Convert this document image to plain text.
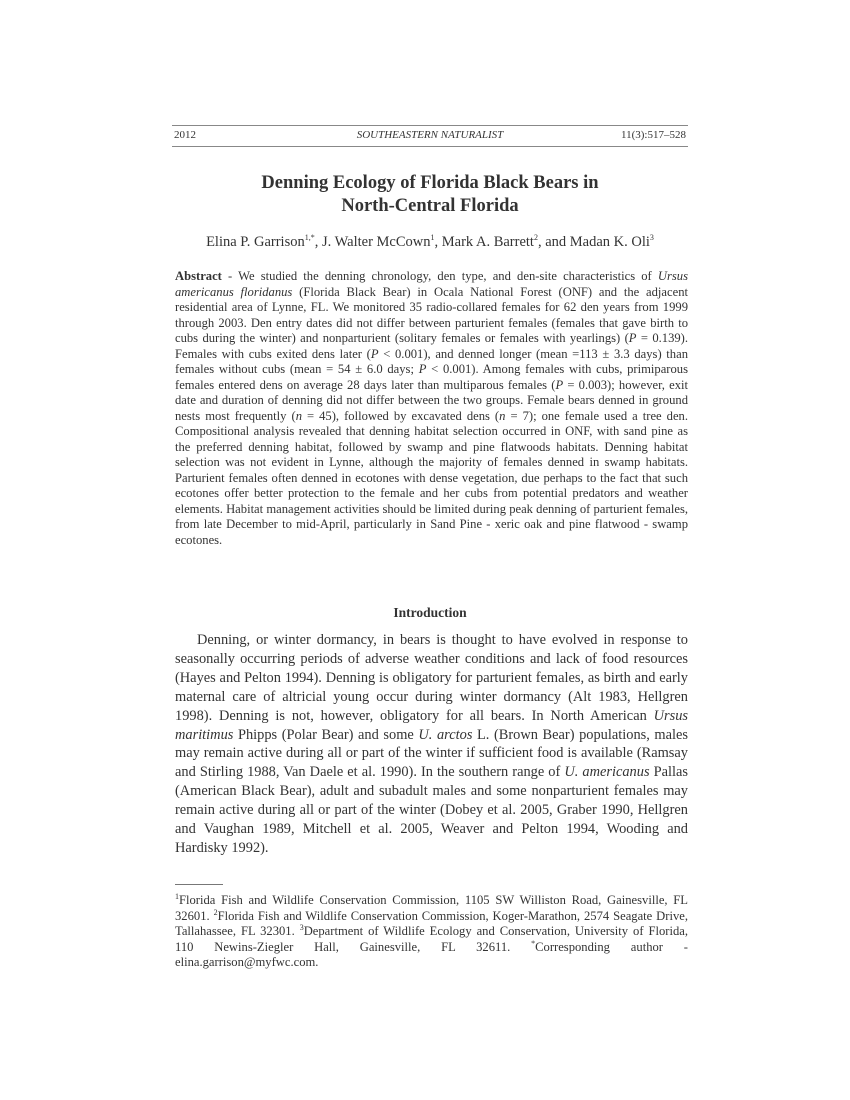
2012	SOUTHEASTERN NATURALIST	11(3):517–528
Denning Ecology of Florida Black Bears in
North-Central Florida
Elina P. Garrison$^{1,*}$, J. Walter McCown$^1$, Mark A. Barrett$^2$, and Madan K. Oli$^3$

Abstract - We studied the denning chronology, den type, and den-site characteristics of Ursus americanus floridanus (Florida Black Bear) in Ocala National Forest (ONF) and the adjacent residential area of Lynne, FL. We monitored 35 radio-collared females for 62 den years from 1999 through 2003. Den entry dates did not differ between parturient females (females that gave birth to cubs during the winter) and nonparturient (solitary females or females with yearlings) (P = 0.139). Females with cubs exited dens later (P < 0.001), and denned longer (mean =113 ± 3.3 days) than females without cubs (mean = 54 ± 6.0 days; P < 0.001). Among females with cubs, primiparous females entered dens on average 28 days later than multiparous females (P = 0.003); however, exit date and duration of denning did not differ between the two groups. Female bears denned in ground nests most frequently (n = 45), followed by excavated dens (n = 7); one female used a tree den. Compositional analysis revealed that denning habitat selection occurred in ONF, with sand pine as the preferred denning habitat, followed by swamp and pine flatwoods habitats. Denning habitat selection was not evident in Lynne, although the majority of females denned in swamp habitats. Parturient females often denned in ecotones with dense vegetation, due perhaps to the fact that such ecotones offer better protection to the female and her cubs from potential predators and weather elements. Habitat management activities should be limited during peak denning of parturient females, from late December to mid-April, particularly in Sand Pine - xeric oak and pine flatwood - swamp ecotones.

Introduction

Denning, or winter dormancy, in bears is thought to have evolved in response to seasonally occurring periods of adverse weather conditions and lack of food resources (Hayes and Pelton 1994). Denning is obligatory for parturient females, as birth and early maternal care of altricial young occur during winter dormancy (Alt 1983, Hellgren 1998). Denning is not, however, obligatory for all bears. In North American Ursus maritimus Phipps (Polar Bear) and some U. arctos L. (Brown Bear) populations, males may remain active during all or part of the winter if sufficient food is available (Ramsay and Stirling 1988, Van Daele et al. 1990). In the southern range of U. americanus Pallas (American Black Bear), adult and subadult males and some nonparturient females may remain active during all or part of the winter (Dobey et al. 2005, Graber 1990, Hellgren and Vaughan 1989, Mitchell et al. 2005, Weaver and Pelton 1994, Wooding and Hardisky 1992).

$^1$Florida Fish and Wildlife Conservation Commission, 1105 SW Williston Road, Gainesville, FL 32601. $^2$Florida Fish and Wildlife Conservation Commission, Koger-Marathon, 2574 Seagate Drive, Tallahassee, FL 32301. $^3$Department of Wildlife Ecology and Conservation, University of Florida, 110 Newins-Ziegler Hall, Gainesville, FL 32611. *Corresponding author - elina.garrison@myfwc.com.
